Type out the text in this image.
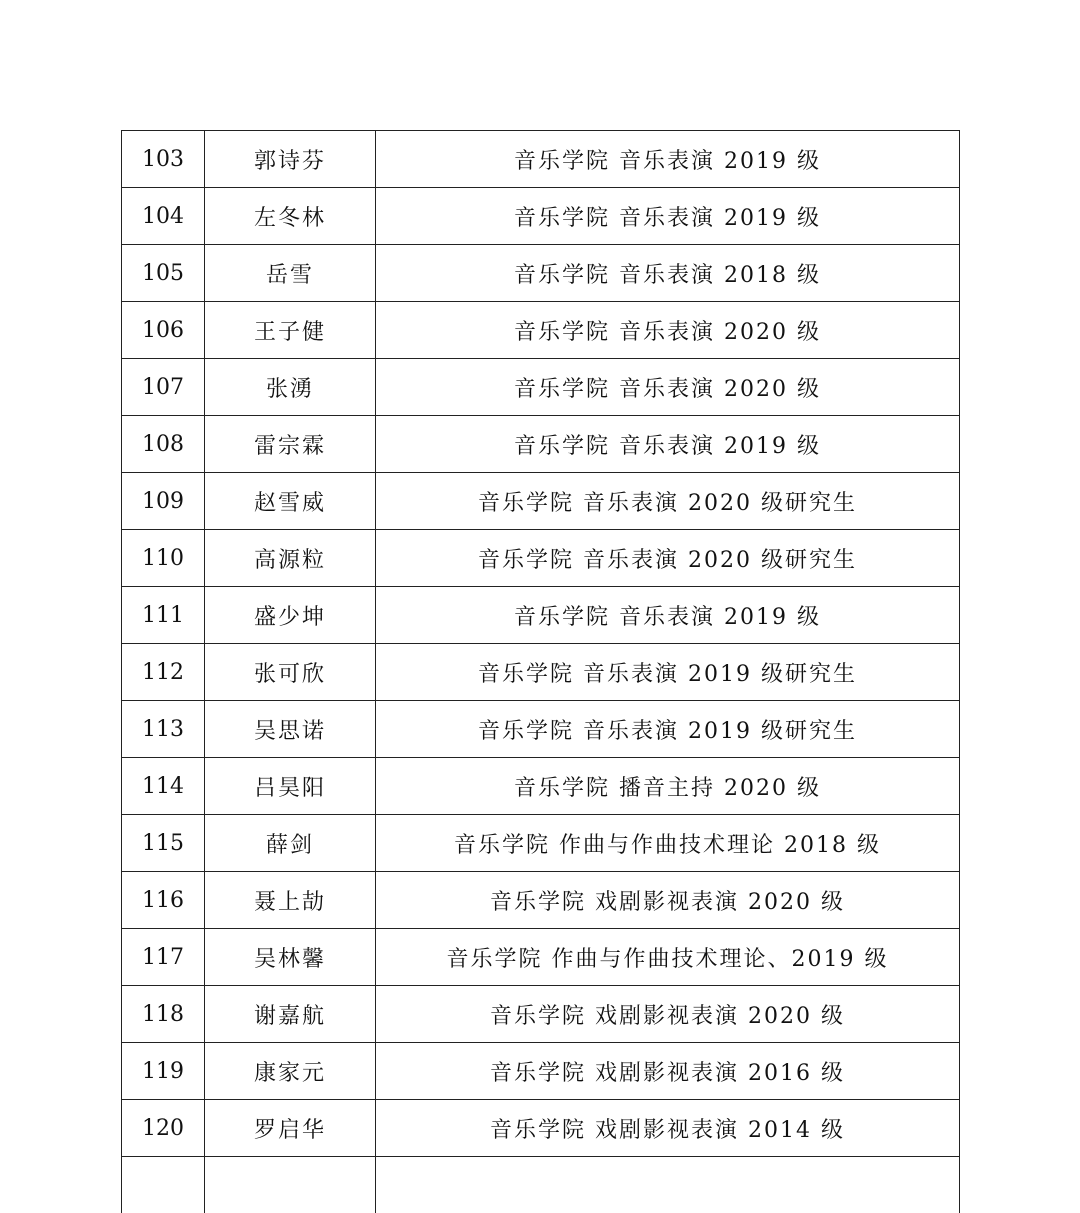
103	郭诗芬	音乐学院 音乐表演 2019 级
104	左冬林	音乐学院 音乐表演 2019 级
105	岳雪	音乐学院 音乐表演 2018 级
106	王子健	音乐学院 音乐表演 2020 级
107	张湧	音乐学院 音乐表演 2020 级
108	雷宗霖	音乐学院 音乐表演 2019 级
109	赵雪威	音乐学院 音乐表演 2020 级研究生
110	高源粒	音乐学院 音乐表演 2020 级研究生
111	盛少坤	音乐学院 音乐表演 2019 级
112	张可欣	音乐学院 音乐表演 2019 级研究生
113	吴思诺	音乐学院 音乐表演 2019 级研究生
114	吕昊阳	音乐学院 播音主持 2020 级
115	薛剑	音乐学院 作曲与作曲技术理论 2018 级
116	聂上劼	音乐学院 戏剧影视表演 2020 级
117	吴林馨	音乐学院 作曲与作曲技术理论、2019 级
118	谢嘉航	音乐学院 戏剧影视表演 2020 级
119	康家元	音乐学院 戏剧影视表演 2016 级
120	罗启华	音乐学院 戏剧影视表演 2014 级
